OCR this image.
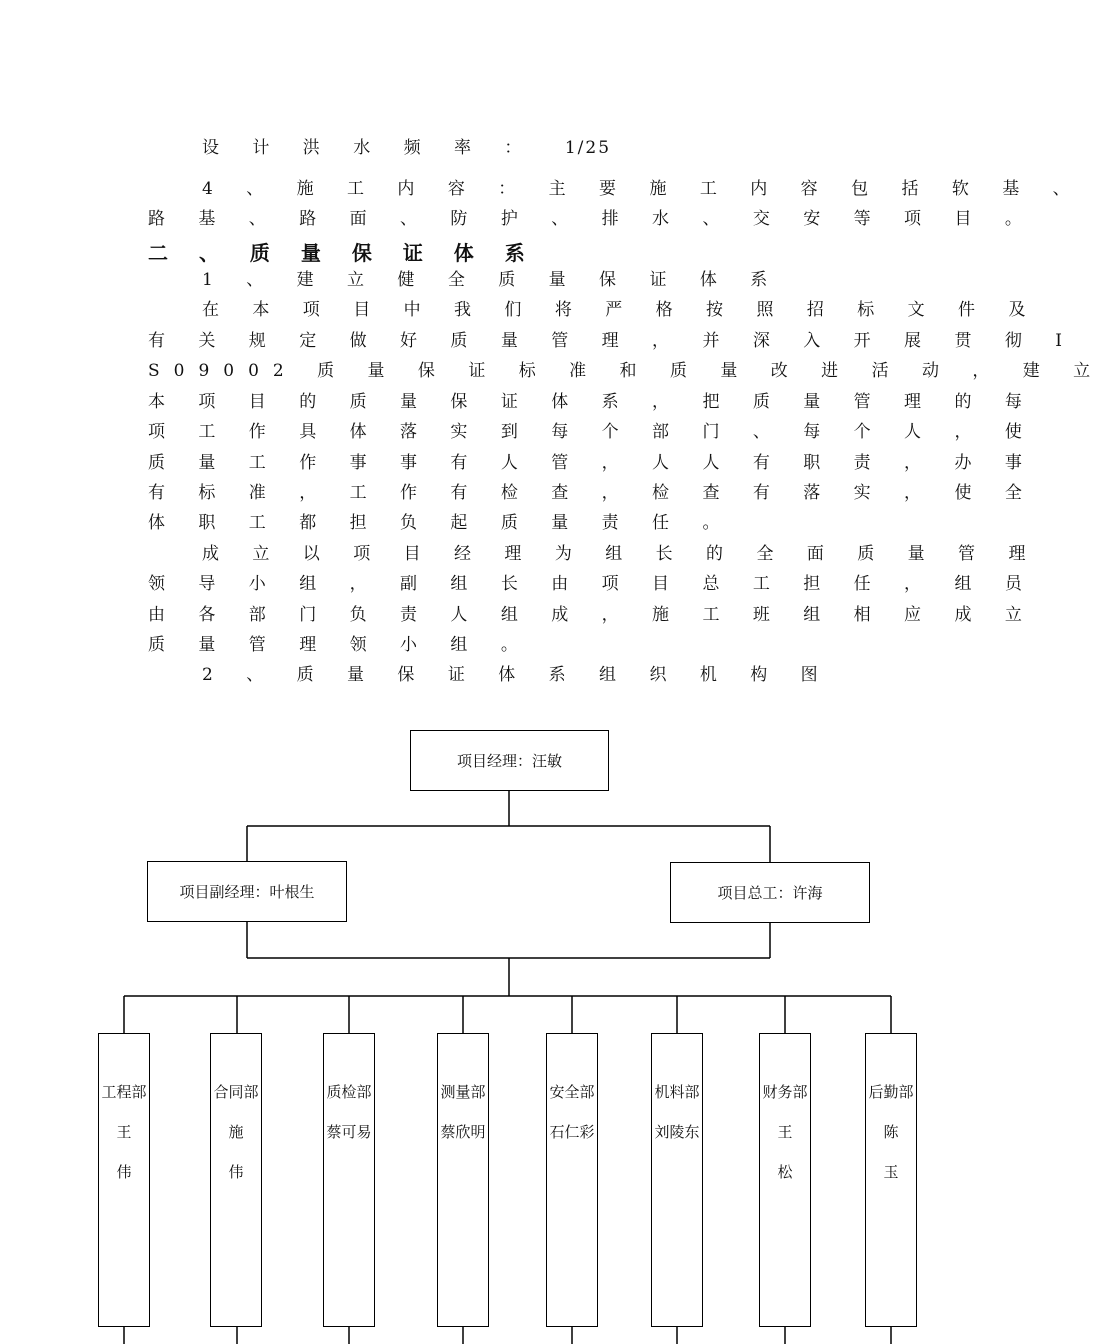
设 计 洪 水 频 率 ： 1/25
4 、 施 工 内 容 ： 主 要 施 工 内 容 包 括 软 基 、
路 基 、 路 面 、 防 护 、 排 水 、 交 安 等 项 目 。
二 、 质 量 保 证 体 系
1 、 建 立 健 全 质 量 保 证 体 系
在 本 项 目 中 我 们 将 严 格 按 照 招 标 文 件 及
有 关 规 定 做 好 质 量 管 理 ， 并 深 入 开 展 贯 彻 I
S09002 质 量 保 证 标 准 和 质 量 改 进 活 动 ， 建 立
本 项 目 的 质 量 保 证 体 系 ， 把 质 量 管 理 的 每
项 工 作 具 体 落 实 到 每 个 部 门 、 每 个 人 ， 使
质 量 工 作 事 事 有 人 管 ， 人 人 有 职 责 ， 办 事
有 标 准 ， 工 作 有 检 查 ， 检 查 有 落 实 ， 使 全
体 职 工 都 担 负 起 质 量 责 任 。
成 立 以 项 目 经 理 为 组 长 的 全 面 质 量 管 理
领 导 小 组 ， 副 组 长 由 项 目 总 工 担 任 ， 组 员
由 各 部 门 负 责 人 组 成 ， 施 工 班 组 相 应 成 立
质 量 管 理 领 小 组 。
2 、 质 量 保 证 体 系 组 织 机 构 图
项目经理：汪敏
项目副经理：叶根生	项目总工：许海
工程部
王
伟
合同部
施
伟
质检部
蔡可易
测量部
蔡欣明
安全部
石仁彩
机料部
刘陵东
财务部
王
松
后勤部
陈
玉
